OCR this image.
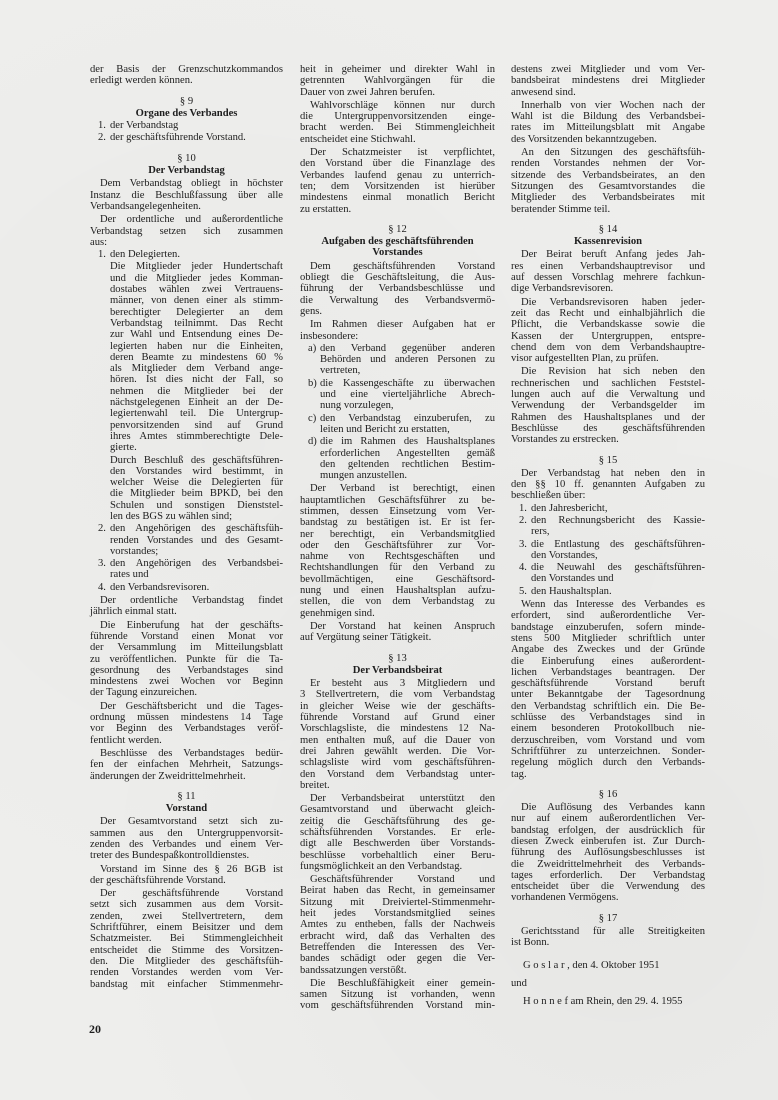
der Basis der Grenzschutzkommandos
erledigt werden können.
§ 9
Organe des Verbandes
1. der Verbandstag
2. der geschäftsführende Vorstand.
§ 10
Der Verbandstag
Dem Verbandstag obliegt in höchster
Instanz die Beschlußfassung über alle
Verbandsangelegenheiten.
Der ordentliche und außerordentliche
Verbandstag setzen sich zusammen
aus:
1. den Delegierten.
Die Mitglieder jeder Hundertschaft
und die Mitglieder jedes Komman-
dostabes wählen zwei Vertrauens-
männer, von denen einer als stimm-
berechtigter Delegierter an dem
Verbandstag teilnimmt. Das Recht
zur Wahl und Entsendung eines De-
legierten haben nur die Einheiten,
deren Beamte zu mindestens 60 %
als Mitglieder dem Verband ange-
hören. Ist dies nicht der Fall, so
nehmen die Mitglieder bei der
nächstgelegenen Einheit an der De-
legiertenwahl teil. Die Untergrup-
penvorsitzenden sind auf Grund
ihres Amtes stimmberechtigte Dele-
gierte.
Durch Beschluß des geschäftsführen-
den Vorstandes wird bestimmt, in
welcher Weise die Delegierten für
die Mitglieder beim BPKD, bei den
Schulen und sonstigen Dienststel-
len des BGS zu wählen sind;
2. den Angehörigen des geschäftsfüh-
renden Vorstandes und des Gesamt-
vorstandes;
3. den Angehörigen des Verbandsbei-
rates und
4. den Verbandsrevisoren.
Der ordentliche Verbandstag findet
jährlich einmal statt.
Die Einberufung hat der geschäfts-
führende Vorstand einen Monat vor
der Versammlung im Mitteilungsblatt
zu veröffentlichen. Punkte für die Ta-
gesordnung des Verbandstages sind
mindestens zwei Wochen vor Beginn
der Tagung einzureichen.
Der Geschäftsbericht und die Tages-
ordnung müssen mindestens 14 Tage
vor Beginn des Verbandstages veröf-
fentlicht werden.
Beschlüsse des Verbandstages bedür-
fen der einfachen Mehrheit, Satzungs-
änderungen der Zweidrittelmehrheit.
§ 11
Vorstand
Der Gesamtvorstand setzt sich zu-
sammen aus den Untergruppenvorsit-
zenden des Verbandes und einem Ver-
treter des Bundespaßkontrolldienstes.
Vorstand im Sinne des § 26 BGB ist
der geschäftsführende Vorstand.
Der geschäftsführende Vorstand
setzt sich zusammen aus dem Vorsit-
zenden, zwei Stellvertretern, dem
Schriftführer, einem Beisitzer und dem
Schatzmeister. Bei Stimmengleichheit
entscheidet die Stimme des Vorsitzen-
den. Die Mitglieder des geschäftsfüh-
renden Vorstandes werden vom Ver-
bandstag mit einfacher Stimmenmehr-
heit in geheimer und direkter Wahl in
getrennten Wahlvorgängen für die
Dauer von zwei Jahren berufen.
Wahlvorschläge können nur durch
die Untergruppenvorsitzenden einge-
bracht werden. Bei Stimmengleichheit
entscheidet eine Stichwahl.
Der Schatzmeister ist verpflichtet,
den Vorstand über die Finanzlage des
Verbandes laufend genau zu unterrich-
ten; dem Vorsitzenden ist hierüber
mindestens einmal monatlich Bericht
zu erstatten.
§ 12
Aufgaben des geschäftsführenden
Vorstandes
Dem geschäftsführenden Vorstand
obliegt die Geschäftsleitung, die Aus-
führung der Verbandsbeschlüsse und
die Verwaltung des Verbandsvermö-
gens.
Im Rahmen dieser Aufgaben hat er
insbesondere:
a) den Verband gegenüber anderen
Behörden und anderen Personen zu
vertreten,
b) die Kassengeschäfte zu überwachen
und eine vierteljährliche Abrech-
nung vorzulegen,
c) den Verbandstag einzuberufen, zu
leiten und Bericht zu erstatten,
d) die im Rahmen des Haushaltsplanes
erforderlichen Angestellten gemäß
den geltenden rechtlichen Bestim-
mungen anzustellen.
Der Verband ist berechtigt, einen
hauptamtlichen Geschäftsführer zu be-
stimmen, dessen Einsetzung vom Ver-
bandstag zu bestätigen ist. Er ist fer-
ner berechtigt, ein Verbandsmitglied
oder den Geschäftsführer zur Vor-
nahme von Rechtsgeschäften und
Rechtshandlungen für den Verband zu
bevollmächtigen, eine Geschäftsord-
nung und einen Haushaltsplan aufzu-
stellen, die von dem Verbandstag zu
genehmigen sind.
Der Vorstand hat keinen Anspruch
auf Vergütung seiner Tätigkeit.
§ 13
Der Verbandsbeirat
Er besteht aus 3 Mitgliedern und
3 Stellvertretern, die vom Verbandstag
in gleicher Weise wie der geschäfts-
führende Vorstand auf Grund einer
Vorschlagsliste, die mindestens 12 Na-
men enthalten muß, auf die Dauer von
drei Jahren gewählt werden. Die Vor-
schlagsliste wird vom geschäftsführen-
den Vorstand dem Verbandstag unter-
breitet.
Der Verbandsbeirat unterstützt den
Gesamtvorstand und überwacht gleich-
zeitig die Geschäftsführung des ge-
schäftsführenden Vorstandes. Er erle-
digt alle Beschwerden über Vorstands-
beschlüsse vorbehaltlich einer Beru-
fungsmöglichkeit an den Verbandstag.
Geschäftsführender Vorstand und
Beirat haben das Recht, in gemeinsamer
Sitzung mit Dreiviertel-Stimmenmehr-
heit jedes Vorstandsmitglied seines
Amtes zu entheben, falls der Nachweis
erbracht wird, daß das Verhalten des
Betreffenden die Interessen des Ver-
bandes schädigt oder gegen die Ver-
bandssatzungen verstößt.
Die Beschlußfähigkeit einer gemein-
samen Sitzung ist vorhanden, wenn
vom geschäftsführenden Vorstand min-
destens zwei Mitglieder und vom Ver-
bandsbeirat mindestens drei Mitglieder
anwesend sind.
Innerhalb von vier Wochen nach der
Wahl ist die Bildung des Verbandsbei-
rates im Mitteilungsblatt mit Angabe
des Vorsitzenden bekanntzugeben.
An den Sitzungen des geschäftsfüh-
renden Vorstandes nehmen der Vor-
sitzende des Verbandsbeirates, an den
Sitzungen des Gesamtvorstandes die
Mitglieder des Verbandsbeirates mit
beratender Stimme teil.
§ 14
Kassenrevision
Der Beirat beruft Anfang jedes Jah-
res einen Verbandshauptrevisor und
auf dessen Vorschlag mehrere fachkun-
dige Verbandsrevisoren.
Die Verbandsrevisoren haben jeder-
zeit das Recht und einhalbjährlich die
Pflicht, die Verbandskasse sowie die
Kassen der Untergruppen, entspre-
chend dem von dem Verbandshauptre-
visor aufgestellten Plan, zu prüfen.
Die Revision hat sich neben den
rechnerischen und sachlichen Feststel-
lungen auch auf die Verwaltung und
Verwendung der Verbandsgelder im
Rahmen des Haushaltsplanes und der
Beschlüsse des geschäftsführenden
Vorstandes zu erstrecken.
§ 15
Der Verbandstag hat neben den in
den §§ 10 ff. genannten Aufgaben zu
beschließen über:
1. den Jahresbericht,
2. den Rechnungsbericht des Kassie-
rers,
3. die Entlastung des geschäftsführen-
den Vorstandes,
4. die Neuwahl des geschäftsführen-
den Vorstandes und
5. den Haushaltsplan.
Wenn das Interesse des Verbandes es
erfordert, sind außerordentliche Ver-
bandstage einzuberufen, sofern minde-
stens 500 Mitglieder schriftlich unter
Angabe des Zweckes und der Gründe
die Einberufung eines außerordent-
lichen Verbandstages beantragen. Der
geschäftsführende Vorstand beruft
unter Bekanntgabe der Tagesordnung
den Verbandstag schriftlich ein. Die Be-
schlüsse des Verbandstages sind in
einem besonderen Protokollbuch nie-
derzuschreiben, vom Vorstand und vom
Schriftführer zu unterzeichnen. Sonder-
regelung möglich durch den Verbands-
tag.
§ 16
Die Auflösung des Verbandes kann
nur auf einem außerordentlichen Ver-
bandstag erfolgen, der ausdrücklich für
diesen Zweck einberufen ist. Zur Durch-
führung des Auflösungsbeschlusses ist
die Zweidrittelmehrheit des Verbands-
tages erforderlich. Der Verbandstag
entscheidet über die Verwendung des
vorhandenen Vermögens.
§ 17
Gerichtsstand für alle Streitigkeiten
ist Bonn.
G o s l a r , den 4. Oktober 1951
und
H o n n e f am Rhein, den 29. 4. 1955
20
